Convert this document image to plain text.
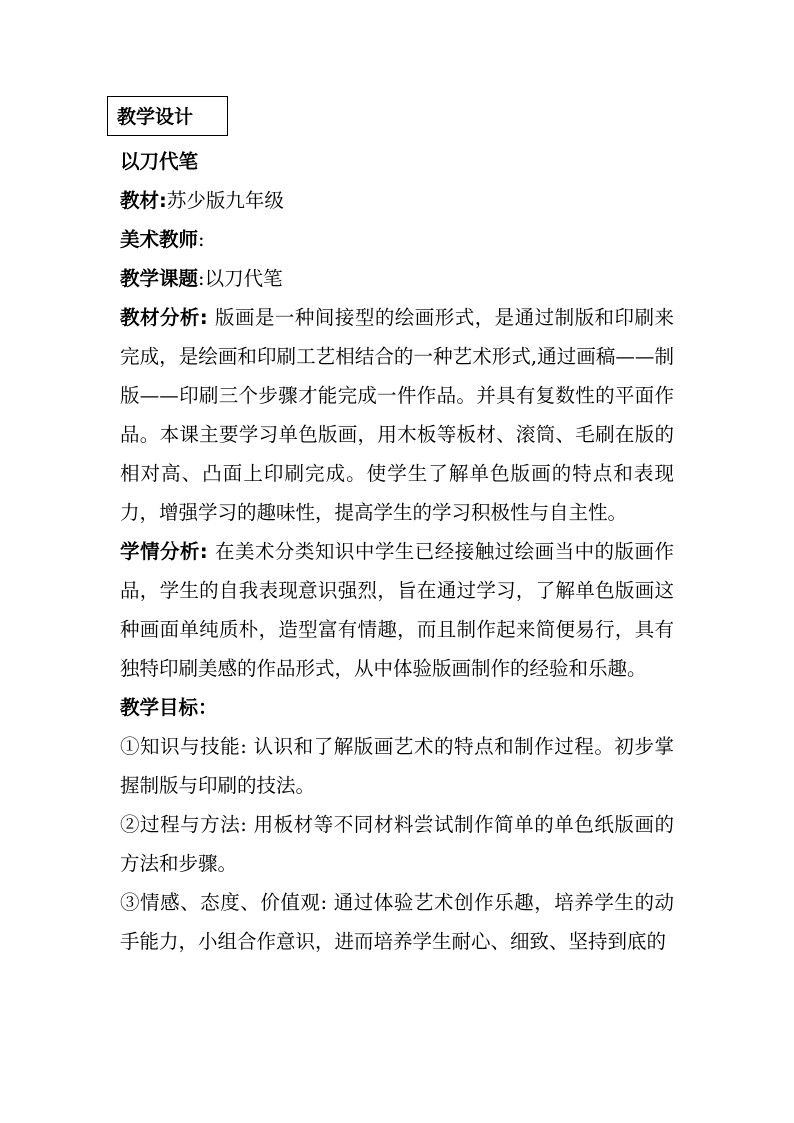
教学设计

以刀代笔

教材:苏少版九年级

美术教师:

教学课题:以刀代笔

教材分析: 版画是一种间接型的绘画形式，是通过制版和印刷来完成，是绘画和印刷工艺相结合的一种艺术形式,通过画稿——制版——印刷三个步骤才能完成一件作品。并具有复数性的平面作品。本课主要学习单色版画，用木板等板材、滚筒、毛刷在版的相对高、凸面上印刷完成。使学生了解单色版画的特点和表现力，增强学习的趣味性，提高学生的学习积极性与自主性。

学情分析: 在美术分类知识中学生已经接触过绘画当中的版画作品，学生的自我表现意识强烈，旨在通过学习，了解单色版画这种画面单纯质朴，造型富有情趣，而且制作起来简便易行，具有独特印刷美感的作品形式，从中体验版画制作的经验和乐趣。

教学目标：

①知识与技能: 认识和了解版画艺术的特点和制作过程。初步掌握制版与印刷的技法。

②过程与方法: 用板材等不同材料尝试制作简单的单色纸版画的方法和步骤。

③情感、态度、价值观: 通过体验艺术创作乐趣，培养学生的动手能力，小组合作意识，进而培养学生耐心、细致、坚持到底的
